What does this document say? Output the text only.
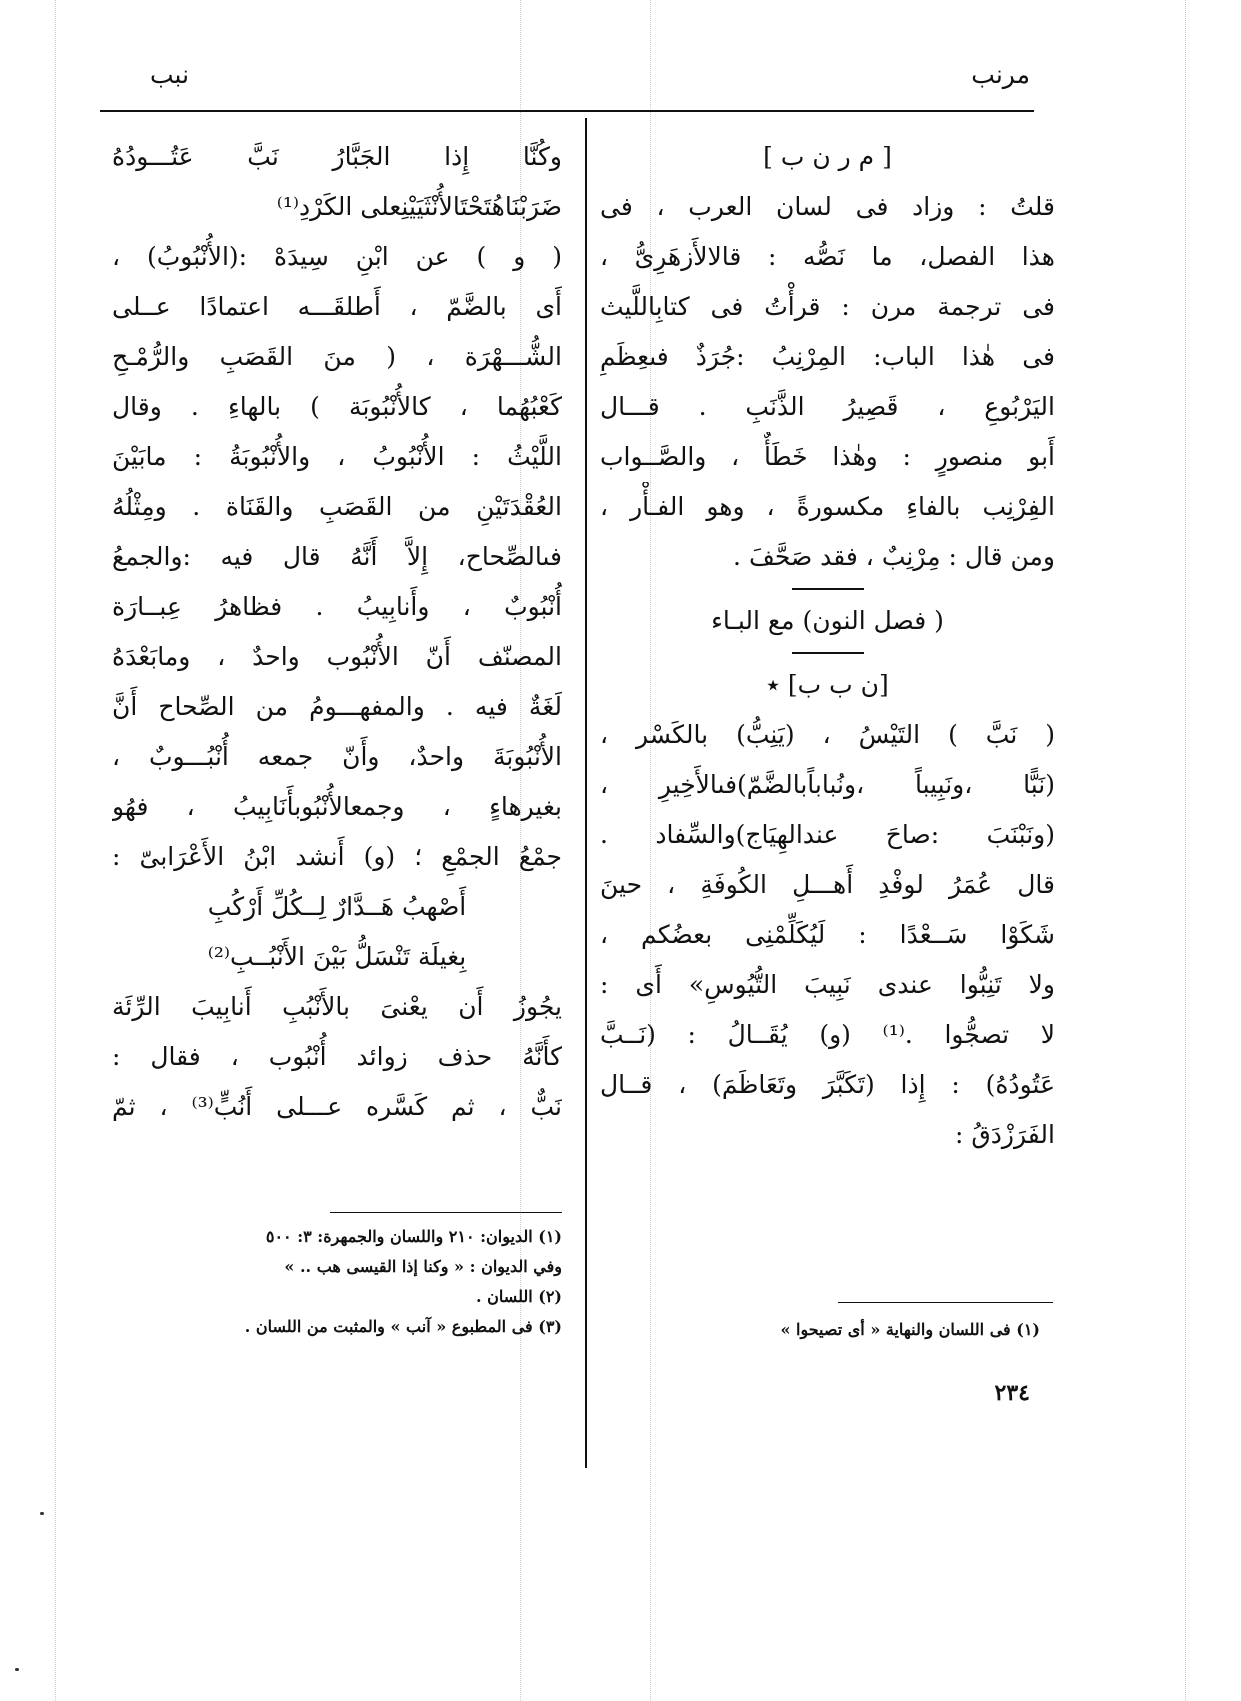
مرنب
نبب
[ م ر ن ب ]
قلتُ : وزاد فى لسان العرب ، فى
هذا الفصل، ما نَصُّه : قالالأَزهَرِىُّ ،
فى ترجمة مرن : قرأْتُ فى كتابِاللَّيث
فى هٰذا الباب: المِرْنِبُ :جُرَذٌ فىعِظَمِ
اليَرْبُوعِ ، قَصِيرُ الذَّنَبِ . قـــال
أَبو منصورٍ : وهٰذا خَطَأٌ ، والصَّــواب
الفِرْنِب بالفاءِ مكسورةً ، وهو الفـأْر ،
ومن قال : مِرْنِبٌ ، فقد صَحَّفَ .
( فصل النون) مع البـاء
[ن ب ب] ٭
( نَبَّ ) التَيْسُ ، (يَنِبُّ) بالكَسْر ،
(نَبًّا ،ونَبِيباً ،ونُباباًبالضَّمّ)فىالأَخِيرِ ،
(ونَبْنَبَ :صاحَ عندالهِيَاج)والسِّفاد .
قال عُمَرُ لوفْدِ أَهـــلِ الكُوفَةِ ، حينَ
شَكَوْا سَــعْدًا : لَيُكَلِّمْنِى بعضُكم ،
ولا تَنِبُّوا عندى نَبِيبَ التُّيُوسِ» أَى :
لا تصجُّوا .⁽¹⁾ (و) يُقَــالُ : (نَــبَّ
عَتُودُهُ) : إِذا (تَكَبَّرَ وتَعَاظَمَ) ، قــال
الفَرَزْدَقُ :
وكُنَّا إِذا الجَبَّارُ نَبَّ عَتُـــودُهُ
ضَرَبْنَاهُتَحْتَالأُنْثَيَيْنِعلى الكَرْدِ⁽¹⁾
( و ) عن ابْنِ سِيدَهْ :(الأُنْبُوبُ) ،
أَى بالضَّمّ ، أَطلقَـــه اعتمادًا عــلى
الشُّـــهْرَة ، ( منَ القَصَبِ والرُّمْـحِ
كَعْبُهُما ، كالأُنْبُوبَة ) بالهاءِ . وقال
اللَّيْثُ : الأُنْبُوبُ ، والأُنْبُوبَةُ : مابَيْنَ
العُقْدَتَيْنِ من القَصَبِ والقَنَاة . ومِثْلُهُ
فىالصِّحاح، إِلاَّ أَنَّهُ قال فيه :والجمعُ
أُنْبُوبٌ ، وأَنابِيبُ . فظاهرُ عِبــارَة
المصنّف أَنّ الأُنْبُوب واحدٌ ، ومابَعْدَهُ
لَغَةٌ فيه . والمفهـــومُ من الصِّحاح أَنَّ
الأُنْبُوبَةَ واحدٌ، وأَنّ جمعه أُنْبُـــوبٌ ،
بغيرهاءٍ ، وجمعالأُنْبُوبأَنَابِيبُ ، فهُو
جمْعُ الجمْعِ ؛ (و) أَنشد ابْنُ الأَعْرَابىّ :
أَصْهبُ هَــدَّارٌ لِــكُلِّ أَرْكُبِ
بِغيلَة تَنْسَلُّ بَيْنَ الأَنْبُــبِ⁽²⁾
يجُوزُ أَن يعْنىَ بالأَنْبُبِ أَنابِيبَ الرِّئَة
كأَنَّهُ حذف زوائد أُنْبُوب ، فقال :
نَبٌّ ، ثم كَسَّره عـــلى أَنُبٍّ⁽³⁾ ، ثمّ
(١) فى اللسان والنهاية « أى تصيحوا »
(١) الديوان: ٢١٠ واللسان والجمهرة: ٣: ٥٠٠
وفي الديوان : « وكنا إذا القيسى هب .. »
(٢) اللسان .
(٣) فى المطبوع « آنب » والمثبت من اللسان .
٢٣٤
